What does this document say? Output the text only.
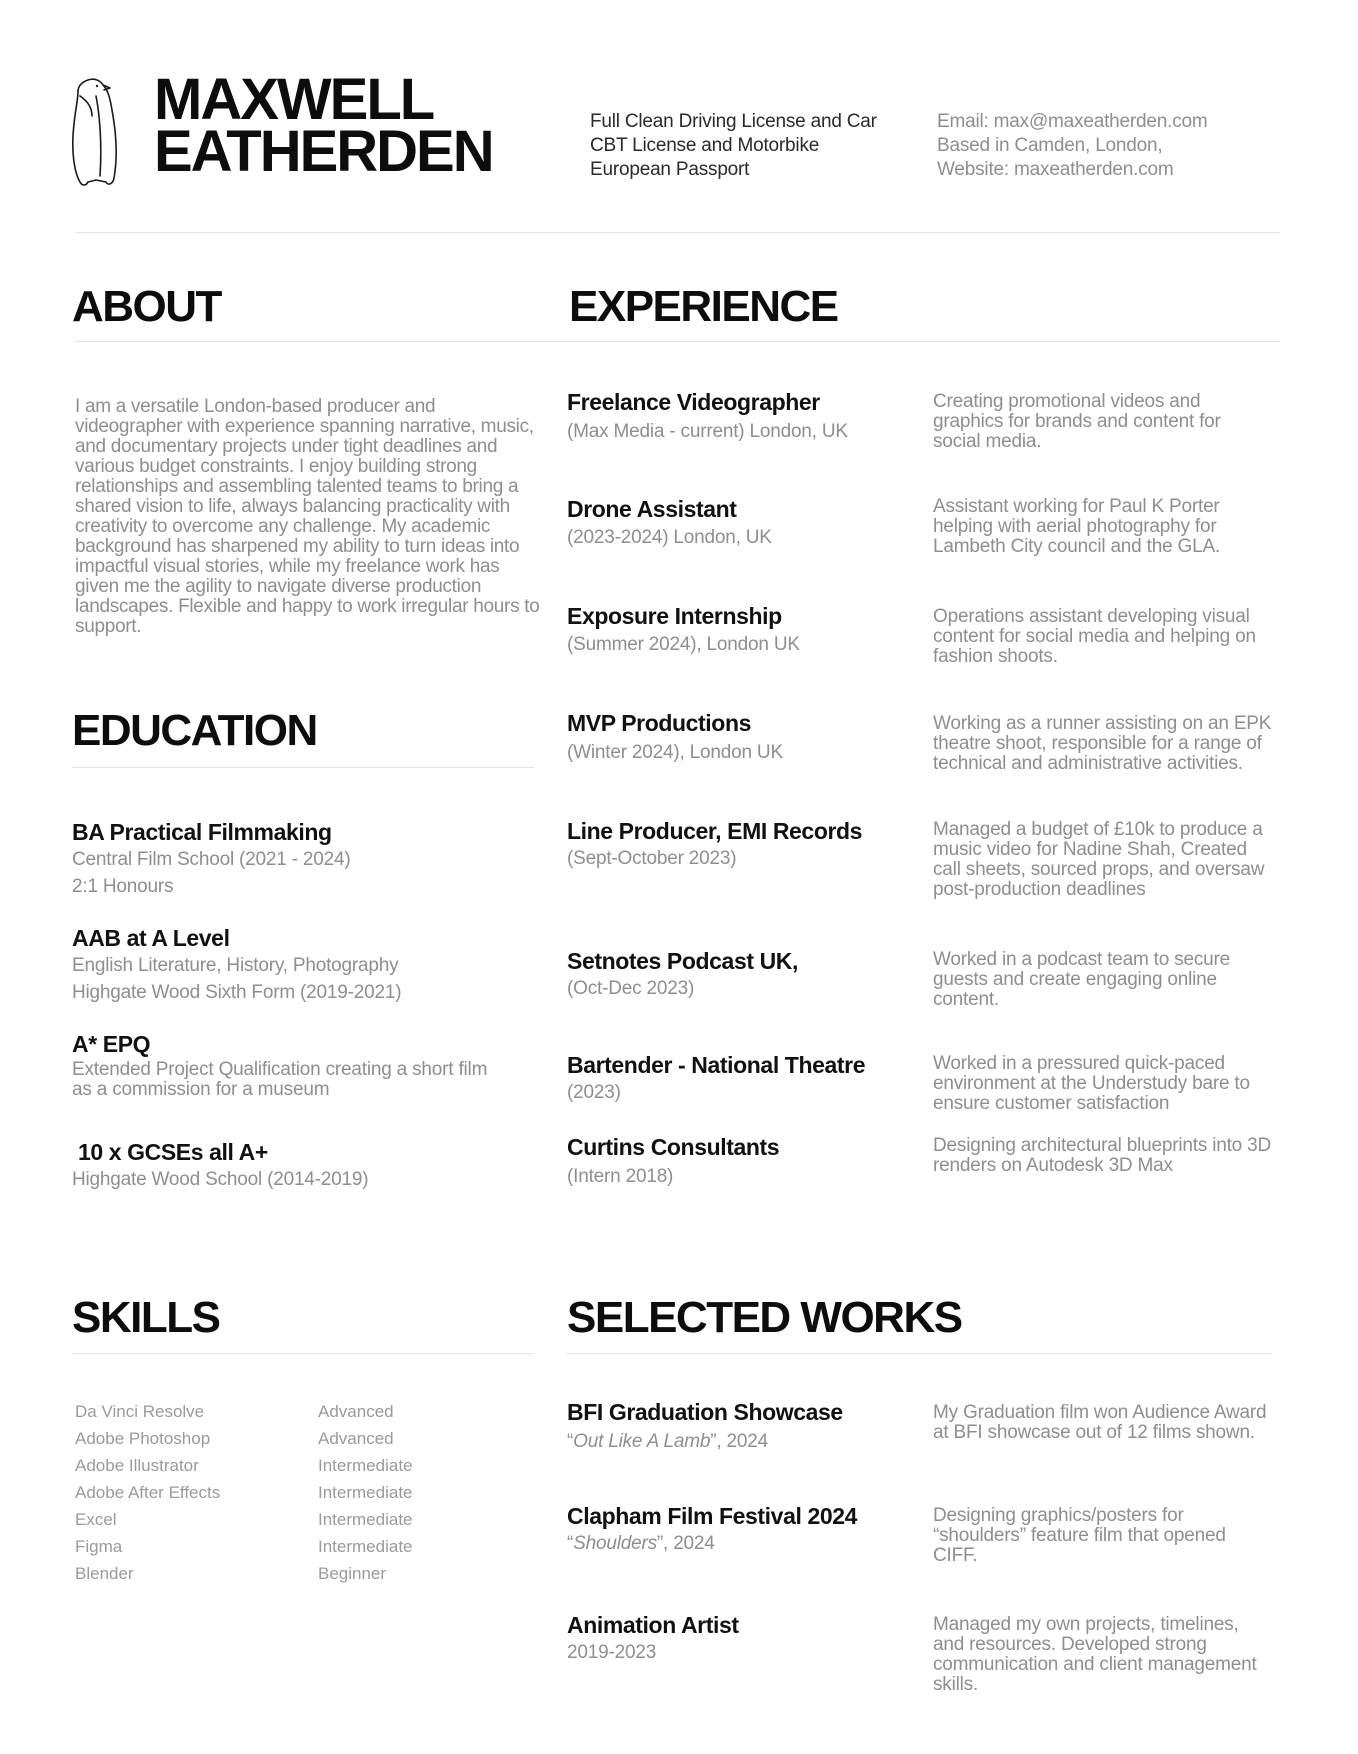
MAXWELL
EATHERDEN	Full Clean Driving License and Car
CBT License and Motorbike
European Passport
Email: max@maxeatherden.com
Based in Camden, London,
Website: maxeatherden.com
ABOUT
I am a versatile London-based producer and videographer with experience spanning narrative, music, and documentary projects under tight deadlines and various budget constraints. I enjoy building strong relationships and assembling talented teams to bring a shared vision to life, always balancing practicality with creativity to overcome any challenge. My academic background has sharpened my ability to turn ideas into impactful visual stories, while my freelance work has given me the agility to navigate diverse production landscapes. Flexible and happy to work irregular hours to support.
EXPERIENCE
EDUCATION
BA Practical Filmmaking
Central Film School (2021 - 2024)
2:1 Honours
AAB at A Level
English Literature, History, Photography
Highgate Wood Sixth Form (2019-2021)
A* EPQ
Extended Project Qualification creating a short film as a commission for a museum
10 x GCSEs all A+
Highgate Wood School (2014-2019)
Freelance Videographer
(Max Media - current) London, UK
Creating promotional videos and graphics for brands and content for social media.
Drone Assistant
(2023-2024) London, UK
Assistant working for Paul K Porter helping with aerial photography for Lambeth City council and the GLA.
Exposure Internship
(Summer 2024), London UK
Operations assistant developing visual content for social media and helping on fashion shoots.
MVP Productions
(Winter 2024), London UK
Working as a runner assisting on an EPK theatre shoot, responsible for a range of technical and administrative activities.
Line Producer, EMI Records
(Sept-October 2023)
Managed a budget of £10k to produce a music video for Nadine Shah, Created call sheets, sourced props, and oversaw post-production deadlines
Setnotes Podcast UK,
(Oct-Dec 2023)
Worked in a podcast team to secure guests and create engaging online content.
Bartender - National Theatre
(2023)
Worked in a pressured quick-paced environment at the Understudy bare to ensure customer satisfaction
Curtins Consultants
(Intern 2018)
Designing architectural blueprints into 3D renders on Autodesk 3D Max
SKILLS
Da Vinci Resolve
Adobe Photoshop
Adobe Illustrator
Adobe After Effects
Excel
Figma
Blender
Advanced
Advanced
Intermediate
Intermediate
Intermediate
Intermediate
Beginner
SELECTED WORKS
BFI Graduation Showcase
“Out Like A Lamb”, 2024
My Graduation film won Audience Award at BFI showcase out of 12 films shown.
Clapham Film Festival 2024
“Shoulders”, 2024
Designing graphics/posters for “shoulders” feature film that opened CIFF.
Animation Artist
2019-2023
Managed my own projects, timelines, and resources. Developed strong communication and client management skills.
